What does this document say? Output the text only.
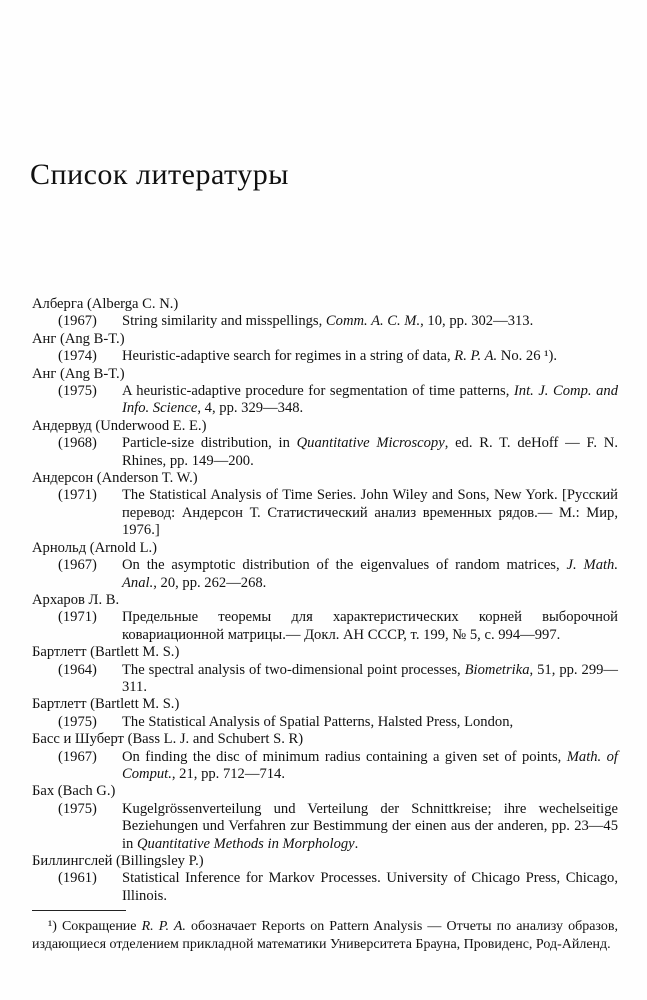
Список литературы
Алберга (Alberga C. N.)
(1967)	String similarity and misspellings, Comm. A. C. M., 10, pp. 302—313.
Анг (Ang B-T.)
(1974)	Heuristic-adaptive search for regimes in a string of data, R. P. A. No. 26 ¹).
Анг (Ang B-T.)
(1975)	A heuristic-adaptive procedure for segmentation of time patterns, Int. J. Comp. and Info. Science, 4, pp. 329—348.
Андервуд (Underwood E. E.)
(1968)	Particle-size distribution, in Quantitative Microscopy, ed. R. T. deHoff — F. N. Rhines, pp. 149—200.
Андерсон (Anderson T. W.)
(1971)	The Statistical Analysis of Time Series. John Wiley and Sons, New York. [Русский перевод: Андерсон Т. Статистический анализ временных рядов.— М.: Мир, 1976.]
Арнольд (Arnold L.)
(1967)	On the asymptotic distribution of the eigenvalues of random matrices, J. Math. Anal., 20, pp. 262—268.
Архаров Л. В.
(1971)	Предельные теоремы для характеристических корней выборочной ковариационной матрицы.— Докл. АН СССР, т. 199, № 5, с. 994—997.
Бартлетт (Bartlett M. S.)
(1964)	The spectral analysis of two-dimensional point processes, Biometrika, 51, pp. 299—311.
Бартлетт (Bartlett M. S.)
(1975)	The Statistical Analysis of Spatial Patterns, Halsted Press, London,
Басс и Шуберт (Bass L. J. and Schubert S. R)
(1967)	On finding the disc of minimum radius containing a given set of points, Math. of Comput., 21, pp. 712—714.
Бах (Bach G.)
(1975)	Kugelgrössenverteilung und Verteilung der Schnittkreise; ihre wechelseitige Beziehungen und Verfahren zur Bestimmung der einen aus der anderen, pp. 23—45 in Quantitative Methods in Morphology.
Биллингслей (Billingsley P.)
(1961)	Statistical Inference for Markov Processes. University of Chicago Press, Chicago, Illinois.
¹) Сокращение R. P. A. обозначает Reports on Pattern Analysis — Отчеты по анализу образов, издающиеся отделением прикладной математики Университета Брауна, Провиденс, Род-Айленд.
